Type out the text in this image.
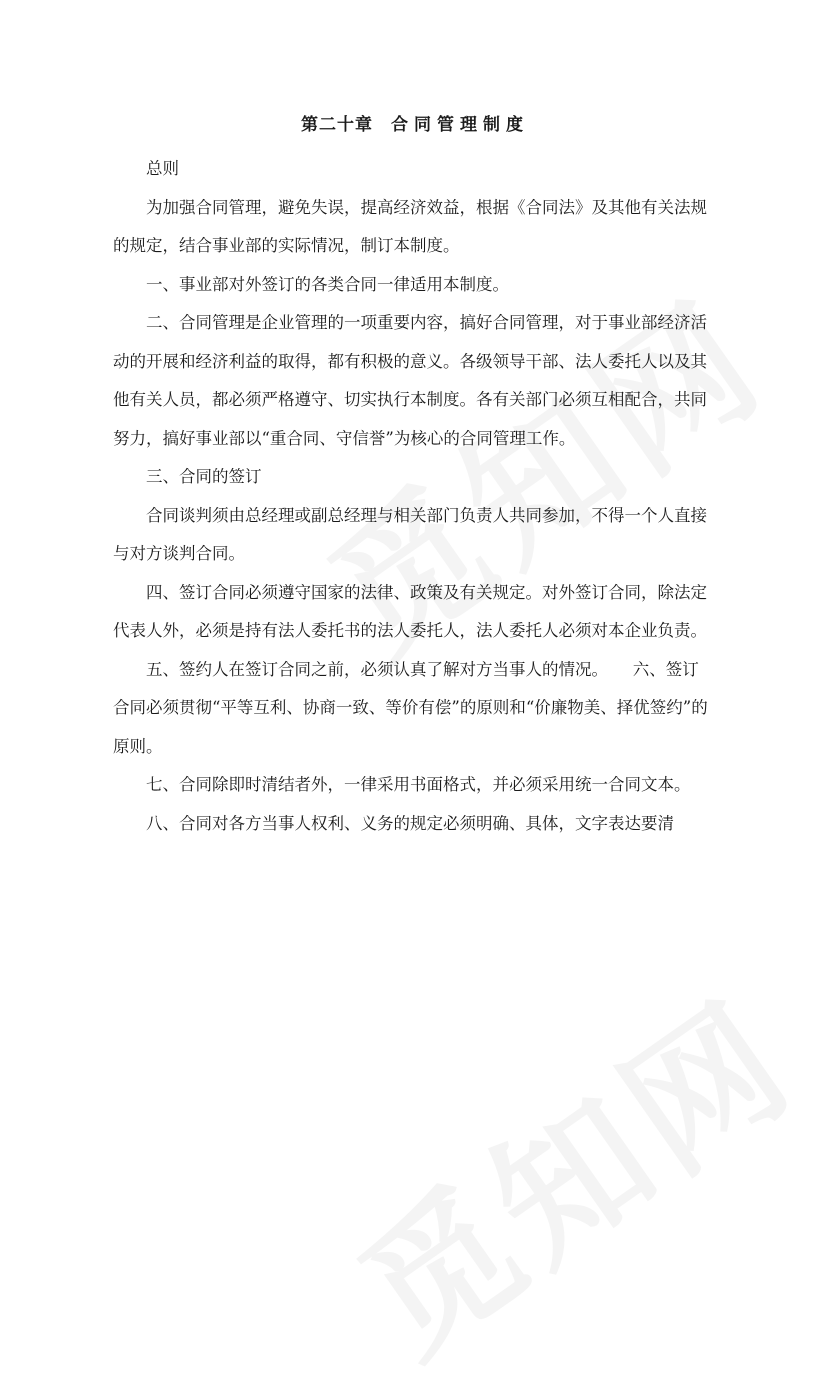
第二十章 合同管理制度

总则

为加强合同管理，避免失误，提高经济效益，根据《合同法》及其他有关法规的规定，结合事业部的实际情况，制订本制度。

一、事业部对外签订的各类合同一律适用本制度。

二、合同管理是企业管理的一项重要内容，搞好合同管理，对于事业部经济活动的开展和经济利益的取得，都有积极的意义。各级领导干部、法人委托人以及其他有关人员，都必须严格遵守、切实执行本制度。各有关部门必须互相配合，共同努力，搞好事业部以“重合同、守信誉”为核心的合同管理工作。

三、合同的签订

合同谈判须由总经理或副总经理与相关部门负责人共同参加，不得一个人直接与对方谈判合同。

四、签订合同必须遵守国家的法律、政策及有关规定。对外签订合同，除法定代表人外，必须是持有法人委托书的法人委托人，法人委托人必须对本企业负责。

五、签约人在签订合同之前，必须认真了解对方当事人的情况。　　六、签订合同必须贯彻“平等互利、协商一致、等价有偿”的原则和“价廉物美、择优签约”的原则。

七、合同除即时清结者外，一律采用书面格式，并必须采用统一合同文本。

八、合同对各方当事人权利、义务的规定必须明确、具体，文字表达要清
